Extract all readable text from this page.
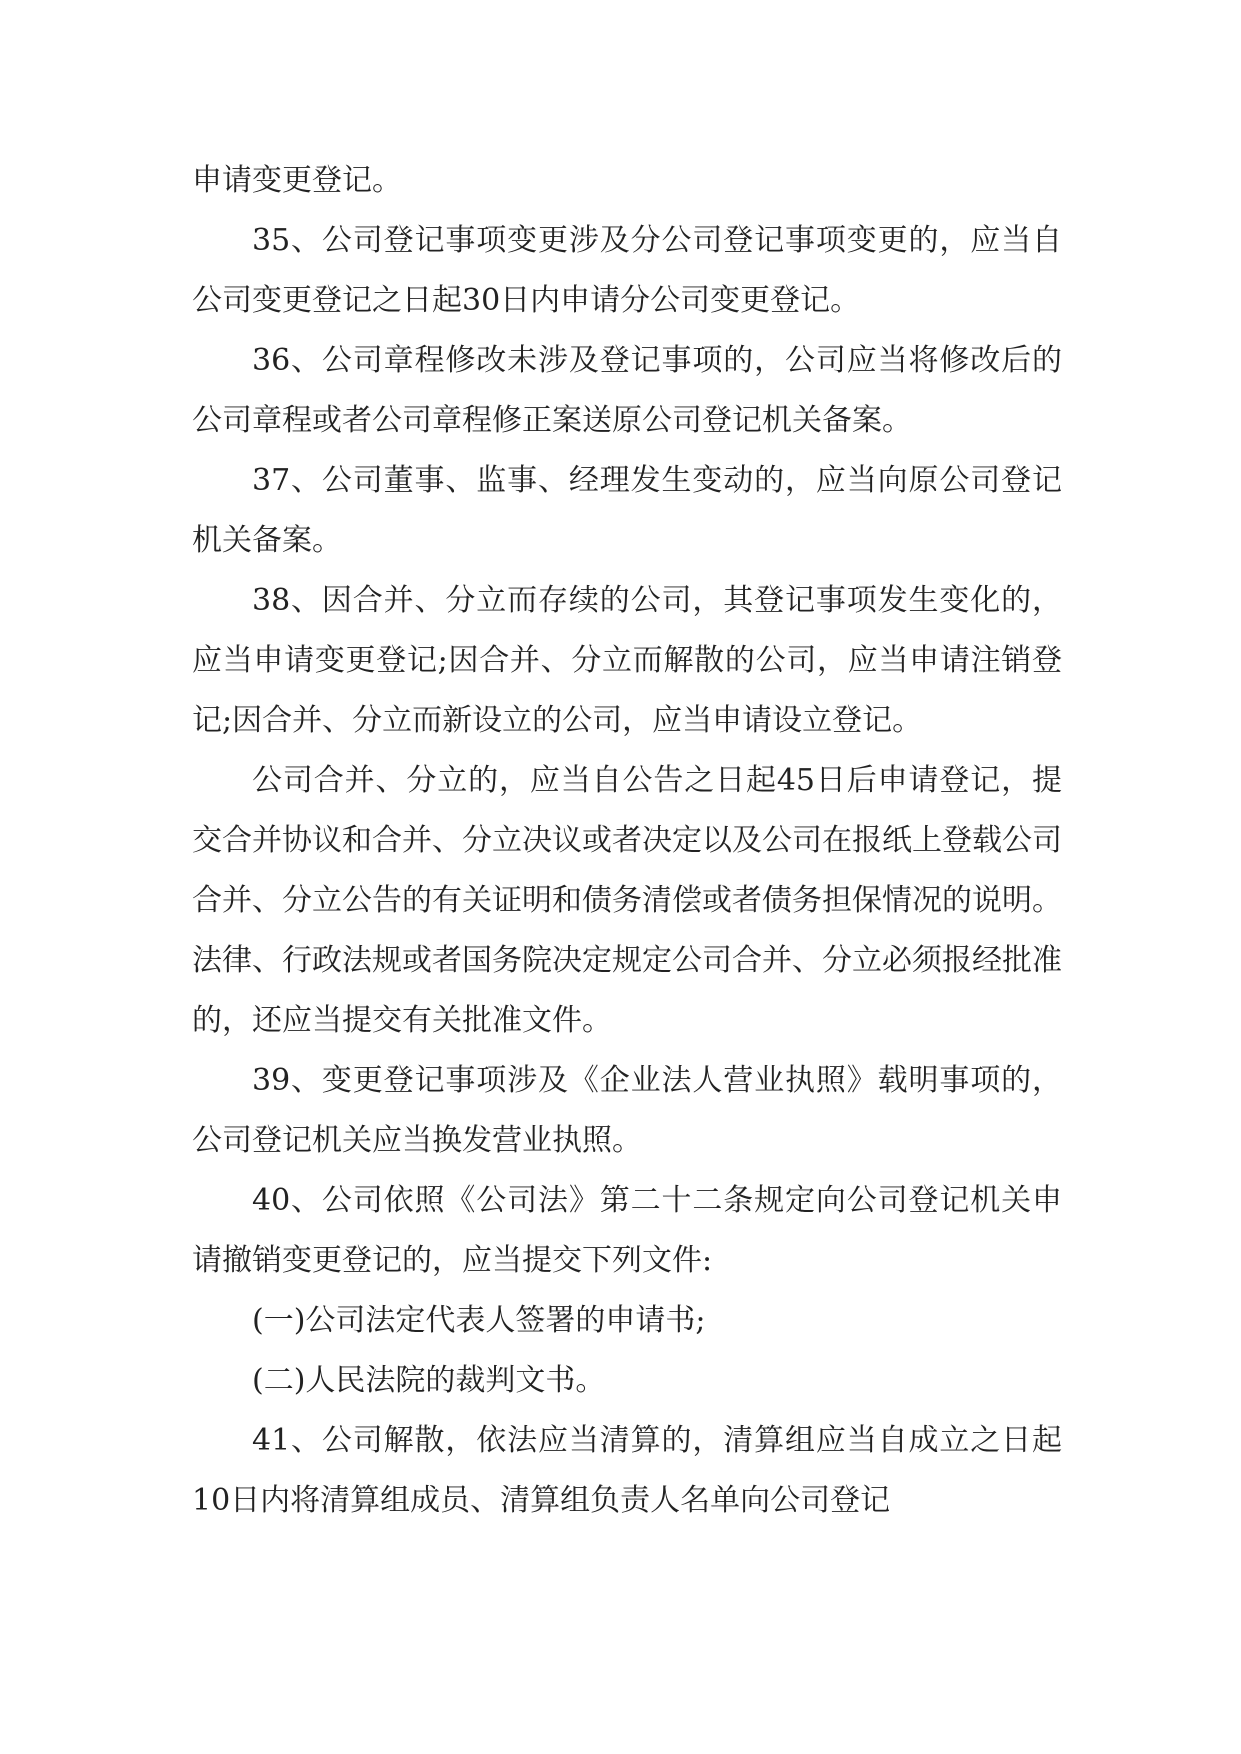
申请变更登记。

35、公司登记事项变更涉及分公司登记事项变更的，应当自公司变更登记之日起30日内申请分公司变更登记。

36、公司章程修改未涉及登记事项的，公司应当将修改后的公司章程或者公司章程修正案送原公司登记机关备案。

37、公司董事、监事、经理发生变动的，应当向原公司登记机关备案。

38、因合并、分立而存续的公司，其登记事项发生变化的，应当申请变更登记;因合并、分立而解散的公司，应当申请注销登记;因合并、分立而新设立的公司，应当申请设立登记。

公司合并、分立的，应当自公告之日起45日后申请登记，提交合并协议和合并、分立决议或者决定以及公司在报纸上登载公司合并、分立公告的有关证明和债务清偿或者债务担保情况的说明。法律、行政法规或者国务院决定规定公司合并、分立必须报经批准的，还应当提交有关批准文件。

39、变更登记事项涉及《企业法人营业执照》载明事项的，公司登记机关应当换发营业执照。

40、公司依照《公司法》第二十二条规定向公司登记机关申请撤销变更登记的，应当提交下列文件:

(一)公司法定代表人签署的申请书;

(二)人民法院的裁判文书。

41、公司解散，依法应当清算的，清算组应当自成立之日起10日内将清算组成员、清算组负责人名单向公司登记
